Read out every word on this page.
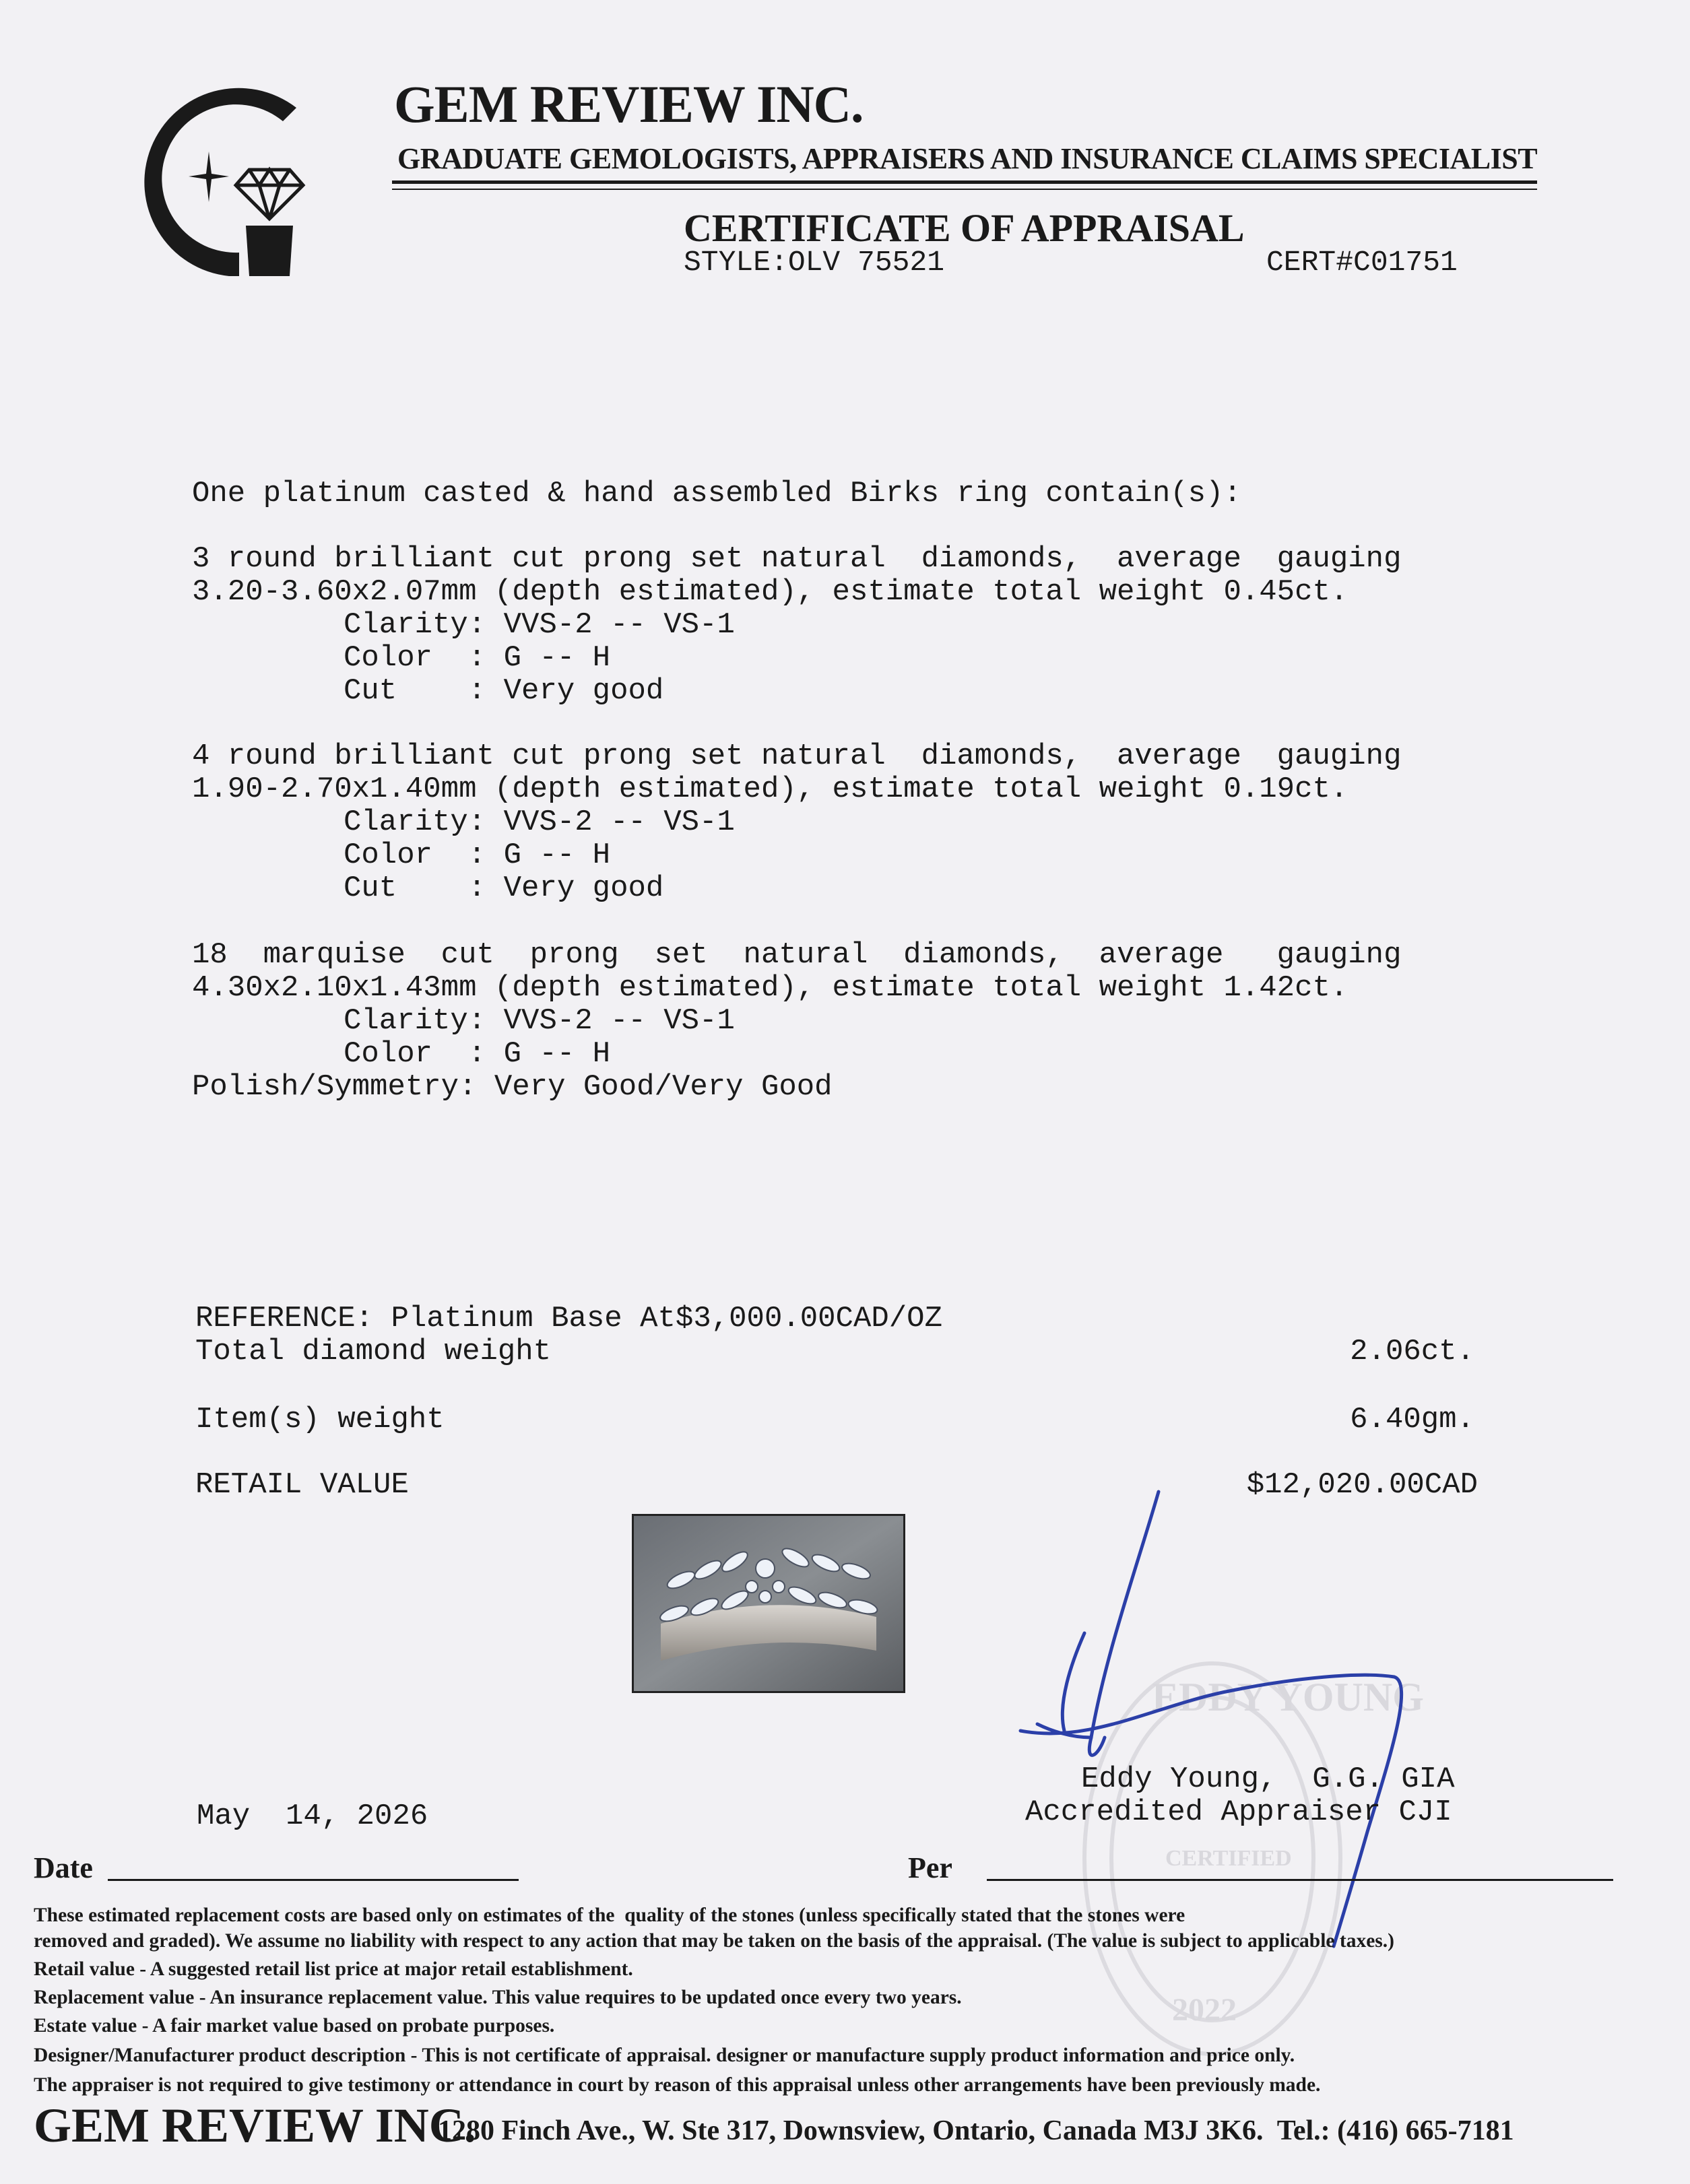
GEM REVIEW INC.
GRADUATE GEMOLOGISTS, APPRAISERS AND INSURANCE CLAIMS SPECIALIST
CERTIFICATE OF APPRAISAL
STYLE:OLV 75521	CERT#C01751
One platinum casted & hand assembled Birks ring contain(s):
3 round brilliant cut prong set natural  diamonds,  average  gauging
3.20-3.60x2.07mm (depth estimated), estimate total weight 0.45ct.
Clarity: VVS-2 -- VS-1
Color  : G -- H
Cut    : Very good
4 round brilliant cut prong set natural  diamonds,  average  gauging
1.90-2.70x1.40mm (depth estimated), estimate total weight 0.19ct.
Clarity: VVS-2 -- VS-1
Color  : G -- H
Cut    : Very good
18  marquise  cut  prong  set  natural  diamonds,  average   gauging
4.30x2.10x1.43mm (depth estimated), estimate total weight 1.42ct.
Clarity: VVS-2 -- VS-1
Color  : G -- H
Polish/Symmetry: Very Good/Very Good
REFERENCE: Platinum Base At$3,000.00CAD/OZ
Total diamond weight	2.06ct.
Item(s) weight	6.40gm.
RETAIL VALUE	$12,020.00CAD
EDDY YOUNG
CERTIFIED
2022
Eddy Young,  G.G. GIA
Accredited Appraiser CJI
May  14, 2026
Date	Per
These estimated replacement costs are based only on estimates of the  quality of the stones (unless specifically stated that the stones were
removed and graded). We assume no liability with respect to any action that may be taken on the basis of the appraisal. (The value is subject to applicable taxes.)
Retail value - A suggested retail list price at major retail establishment.
Replacement value - An insurance replacement value. This value requires to be updated once every two years.
Estate value - A fair market value based on probate purposes.
Designer/Manufacturer product description - This is not certificate of appraisal. designer or manufacture supply product information and price only.
The appraiser is not required to give testimony or attendance in court by reason of this appraisal unless other arrangements have been previously made.
GEM REVIEW INC.
1280 Finch Ave., W. Ste 317, Downsview, Ontario, Canada M3J 3K6.  Tel.: (416) 665-7181
